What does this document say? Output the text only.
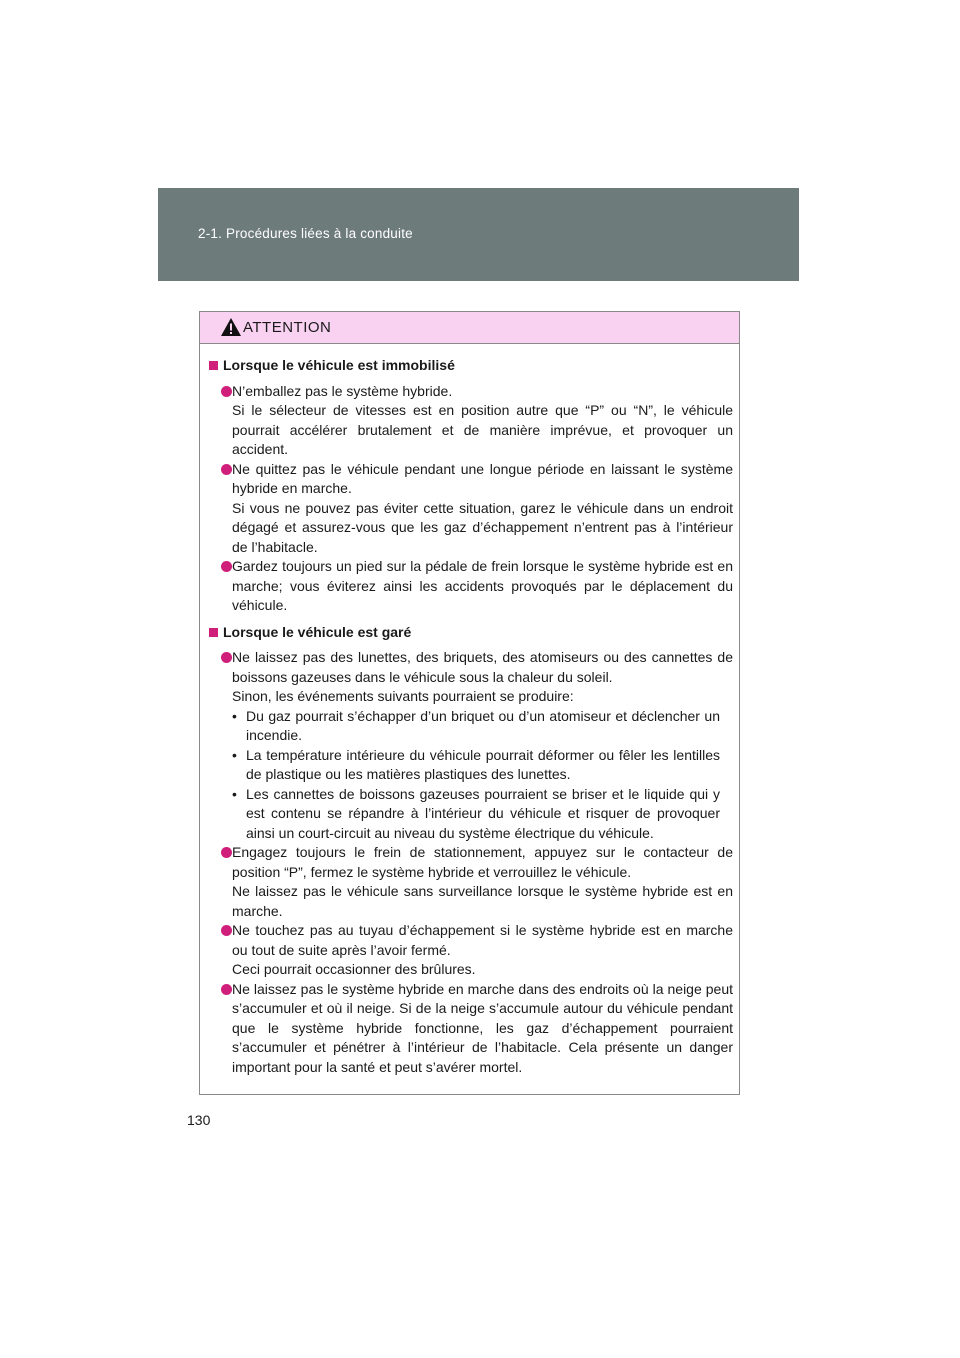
2-1. Procédures liées à la conduite
ATTENTION
Lorsque le véhicule est immobilisé
N’emballez pas le système hybride.
Si le sélecteur de vitesses est en position autre que “P” ou “N”, le véhicule pourrait accélérer brutalement et de manière imprévue, et provoquer un accident.
Ne quittez pas le véhicule pendant une longue période en laissant le système hybride en marche.
Si vous ne pouvez pas éviter cette situation, garez le véhicule dans un endroit dégagé et assurez-vous que les gaz d’échappement n’entrent pas à l’intérieur de l’habitacle.
Gardez toujours un pied sur la pédale de frein lorsque le système hybride est en marche; vous éviterez ainsi les accidents provoqués par le déplacement du véhicule.
Lorsque le véhicule est garé
Ne laissez pas des lunettes, des briquets, des atomiseurs ou des cannettes de boissons gazeuses dans le véhicule sous la chaleur du soleil.
Sinon, les événements suivants pourraient se produire:
• Du gaz pourrait s’échapper d’un briquet ou d’un atomiseur et déclencher un incendie.
• La température intérieure du véhicule pourrait déformer ou fêler les lentilles de plastique ou les matières plastiques des lunettes.
• Les cannettes de boissons gazeuses pourraient se briser et le liquide qui y est contenu se répandre à l’intérieur du véhicule et risquer de provoquer ainsi un court-circuit au niveau du système électrique du véhicule.
Engagez toujours le frein de stationnement, appuyez sur le contacteur de position “P”, fermez le système hybride et verrouillez le véhicule.
Ne laissez pas le véhicule sans surveillance lorsque le système hybride est en marche.
Ne touchez pas au tuyau d’échappement si le système hybride est en marche ou tout de suite après l’avoir fermé.
Ceci pourrait occasionner des brûlures.
Ne laissez pas le système hybride en marche dans des endroits où la neige peut s’accumuler et où il neige. Si de la neige s’accumule autour du véhicule pendant que le système hybride fonctionne, les gaz d’échappement pourraient s’accumuler et pénétrer à l’intérieur de l’habitacle. Cela présente un danger important pour la santé et peut s’avérer mortel.
130
